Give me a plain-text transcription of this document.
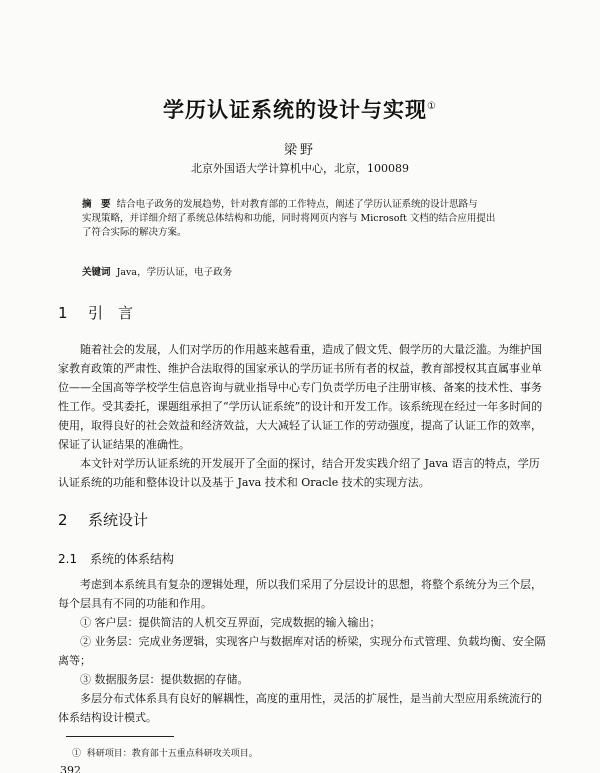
学历认证系统的设计与实现①
梁野
北京外国语大学计算机中心，北京，100089
摘　要 结合电子政务的发展趋势，针对教育部的工作特点，阐述了学历认证系统的设计思路与
实现策略，并详细介绍了系统总体结构和功能，同时将网页内容与 Microsoft 文档的结合应用提出
了符合实际的解决方案。
关键词 Java，学历认证，电子政务
1 引　言

随着社会的发展，人们对学历的作用越来越看重，造成了假文凭、假学历的大量泛滥。为维护国家教育政策的严肃性、维护合法取得的国家承认的学历证书所有者的权益，教育部授权其直属事业单位——全国高等学校学生信息咨询与就业指导中心专门负责学历电子注册审核、备案的技术性、事务性工作。受其委托，课题组承担了“学历认证系统”的设计和开发工作。该系统现在经过一年多时间的使用，取得良好的社会效益和经济效益，大大减轻了认证工作的劳动强度，提高了认证工作的效率，保证了认证结果的准确性。

本文针对学历认证系统的开发展开了全面的探讨，结合开发实践介绍了 Java 语言的特点，学历认证系统的功能和整体设计以及基于 Java 技术和 Oracle 技术的实现方法。

2 系统设计
2.1 系统的体系结构

考虑到本系统具有复杂的逻辑处理，所以我们采用了分层设计的思想，将整个系统分为三个层，每个层具有不同的功能和作用。

① 客户层：提供简洁的人机交互界面，完成数据的输入输出；

② 业务层：完成业务逻辑，实现客户与数据库对话的桥梁，实现分布式管理、负载均衡、安全隔离等；

③ 数据服务层：提供数据的存储。

多层分布式体系具有良好的解耦性，高度的重用性，灵活的扩展性，是当前大型应用系统流行的体系结构设计模式。

① 科研项目：教育部十五重点科研攻关项目。
392
